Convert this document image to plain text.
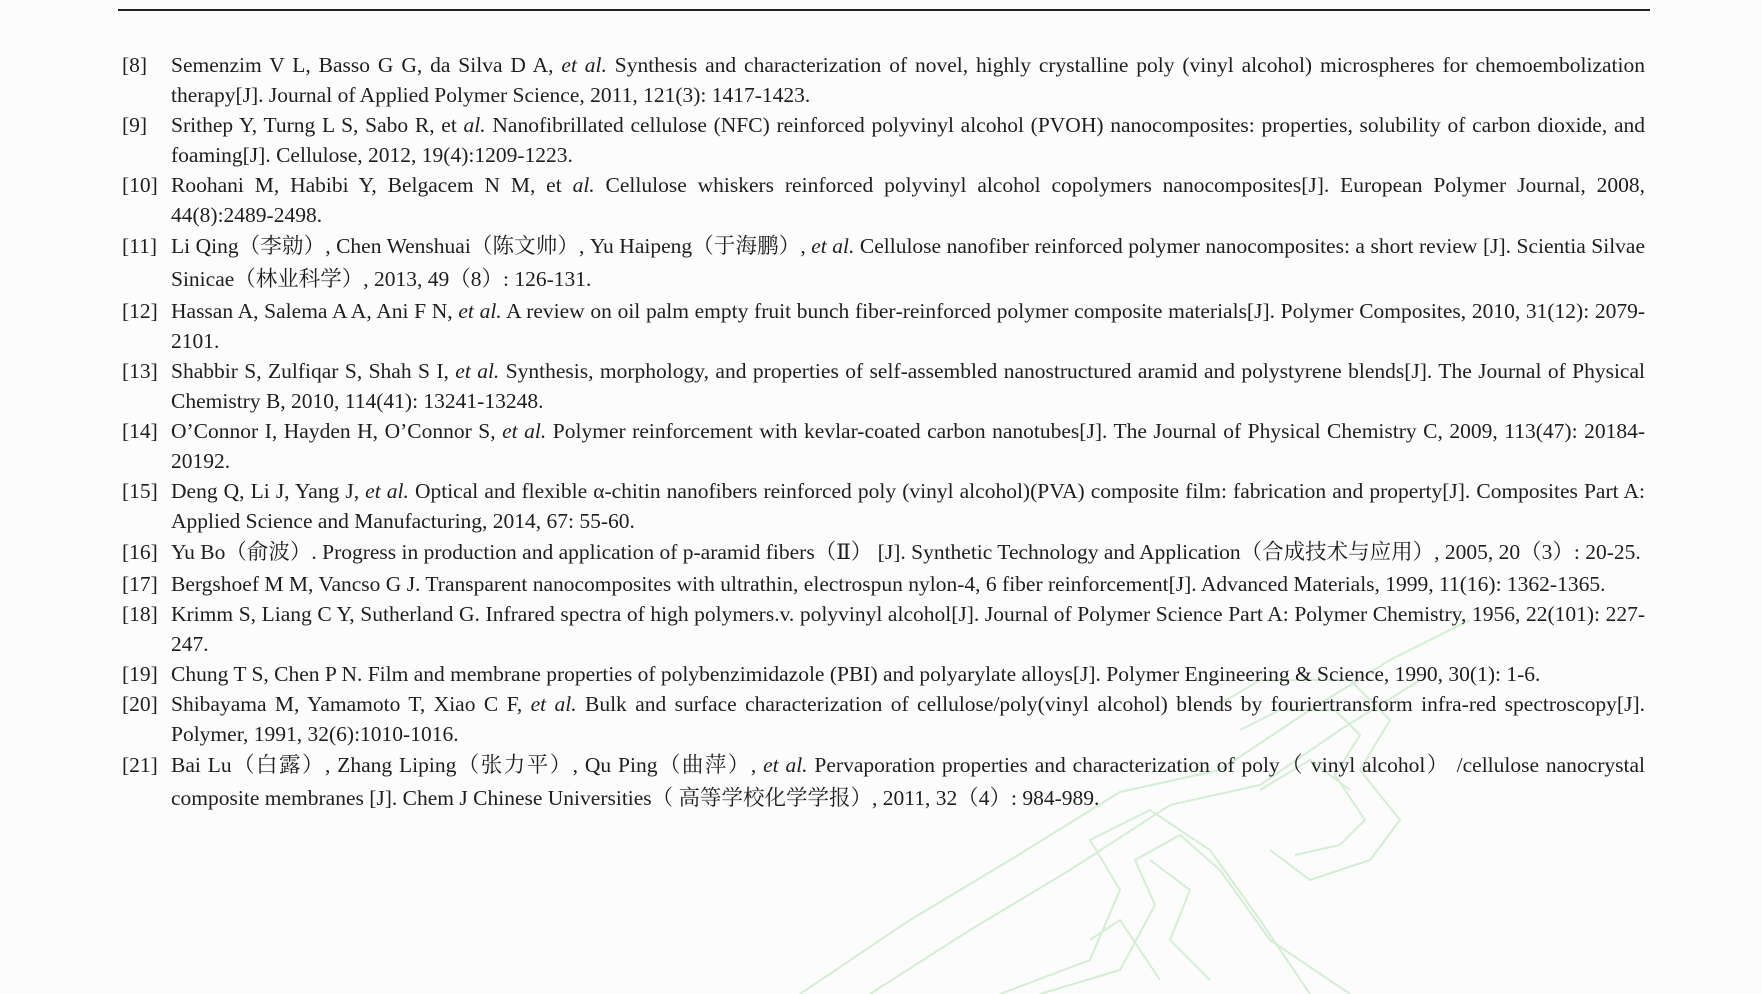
[8] Semenzim V L, Basso G G, da Silva D A, et al. Synthesis and characterization of novel, highly crystalline poly (vinyl alcohol) microspheres for chemoembolization therapy[J]. Journal of Applied Polymer Science, 2011, 121(3): 1417-1423.
[9] Srithep Y, Turng L S, Sabo R, et al. Nanofibrillated cellulose (NFC) reinforced polyvinyl alcohol (PVOH) nanocomposites: properties, solubility of carbon dioxide, and foaming[J]. Cellulose, 2012, 19(4):1209-1223.
[10] Roohani M, Habibi Y, Belgacem N M, et al. Cellulose whiskers reinforced polyvinyl alcohol copolymers nanocomposites[J]. European Polymer Journal, 2008, 44(8):2489-2498.
[11] Li Qing（李勍）, Chen Wenshuai（陈文帅）, Yu Haipeng（于海鹏）, et al. Cellulose nanofiber reinforced polymer nanocomposites: a short review [J]. Scientia Silvae Sinicae（林业科学）, 2013, 49（8）: 126-131.
[12] Hassan A, Salema A A, Ani F N, et al. A review on oil palm empty fruit bunch fiber‑reinforced polymer composite materials[J]. Polymer Composites, 2010, 31(12): 2079-2101.
[13] Shabbir S, Zulfiqar S, Shah S I, et al. Synthesis, morphology, and properties of self-assembled nanostructured aramid and polystyrene blends[J]. The Journal of Physical Chemistry B, 2010, 114(41): 13241-13248.
[14] O’Connor I, Hayden H, O’Connor S, et al. Polymer reinforcement with kevlar-coated carbon nanotubes[J]. The Journal of Physical Chemistry C, 2009, 113(47): 20184-20192.
[15] Deng Q, Li J, Yang J, et al. Optical and flexible α-chitin nanofibers reinforced poly (vinyl alcohol)(PVA) composite film: fabrication and property[J]. Composites Part A: Applied Science and Manufacturing, 2014, 67: 55-60.
[16] Yu Bo（俞波）. Progress in production and application of p-aramid fibers（Ⅱ） [J]. Synthetic Technology and Application（合成技术与应用）, 2005, 20（3）: 20-25.
[17] Bergshoef M M, Vancso G J. Transparent nanocomposites with ultrathin, electrospun nylon‑4, 6 fiber reinforcement[J]. Advanced Materials, 1999, 11(16): 1362-1365.
[18] Krimm S, Liang C Y, Sutherland G. Infrared spectra of high polymers.v. polyvinyl alcohol[J]. Journal of Polymer Science Part A: Polymer Chemistry, 1956, 22(101): 227-247.
[19] Chung T S, Chen P N. Film and membrane properties of polybenzimidazole (PBI) and polyarylate alloys[J]. Polymer Engineering & Science, 1990, 30(1): 1-6.
[20] Shibayama M, Yamamoto T, Xiao C F, et al. Bulk and surface characterization of cellulose/poly(vinyl alcohol) blends by fouriertransform infra-red spectroscopy[J]. Polymer, 1991, 32(6):1010-1016.
[21] Bai Lu（白露）, Zhang Liping（张力平）, Qu Ping（曲萍）, et al. Pervaporation properties and characterization of poly（ vinyl alcohol） /cellulose nanocrystal composite membranes [J]. Chem J Chinese Universities（ 高等学校化学学报）, 2011, 32（4）: 984-989.
